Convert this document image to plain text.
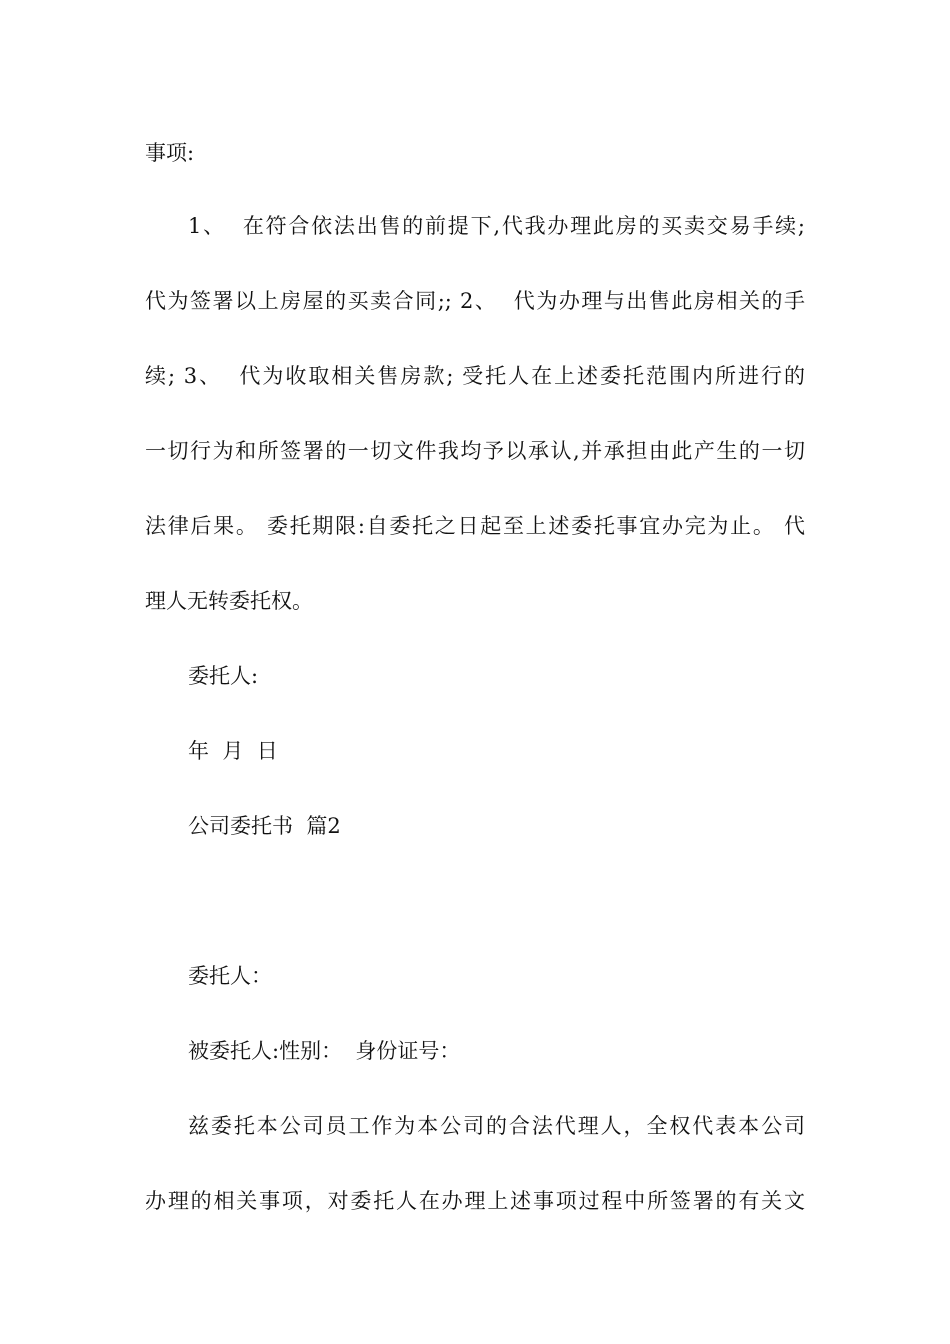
事项:
1、  在符合依法出售的前提下,代我办理此房的买卖交易手续;
代为签署以上房屋的买卖合同;; 2、  代为办理与出售此房相关的手
续; 3、  代为收取相关售房款; 受托人在上述委托范围内所进行的
一切行为和所签署的一切文件我均予以承认,并承担由此产生的一切
法律后果。 委托期限:自委托之日起至上述委托事宜办完为止。 代
理人无转委托权。
委托人:
年  月  日
公司委托书  篇2
委托人：
被委托人:性别：  身份证号：
兹委托本公司员工作为本公司的合法代理人，全权代表本公司
办理的相关事项，对委托人在办理上述事项过程中所签署的有关文
